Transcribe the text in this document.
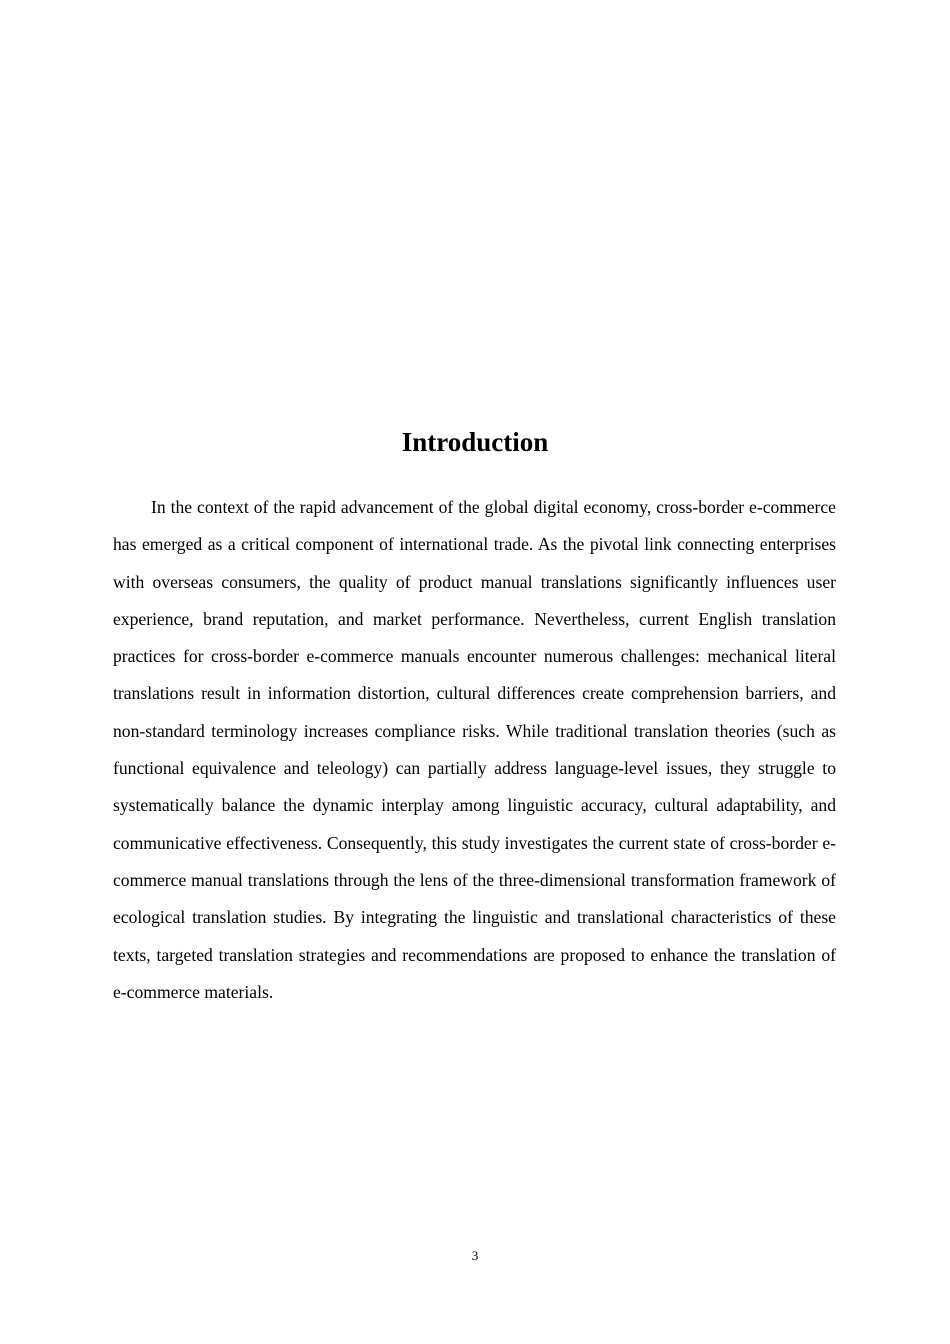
Introduction

In the context of the rapid advancement of the global digital economy, cross-border e-commerce has emerged as a critical component of international trade. As the pivotal link connecting enterprises with overseas consumers, the quality of product manual translations significantly influences user experience, brand reputation, and market performance. Nevertheless, current English translation practices for cross-border e-commerce manuals encounter numerous challenges: mechanical literal translations result in information distortion, cultural differences create comprehension barriers, and non-standard terminology increases compliance risks. While traditional translation theories (such as functional equivalence and teleology) can partially address language-level issues, they struggle to systematically balance the dynamic interplay among linguistic accuracy, cultural adaptability, and communicative effectiveness. Consequently, this study investigates the current state of cross-border e-commerce manual translations through the lens of the three-dimensional transformation framework of ecological translation studies. By integrating the linguistic and translational characteristics of these texts, targeted translation strategies and recommendations are proposed to enhance the translation of e-commerce materials.

3
